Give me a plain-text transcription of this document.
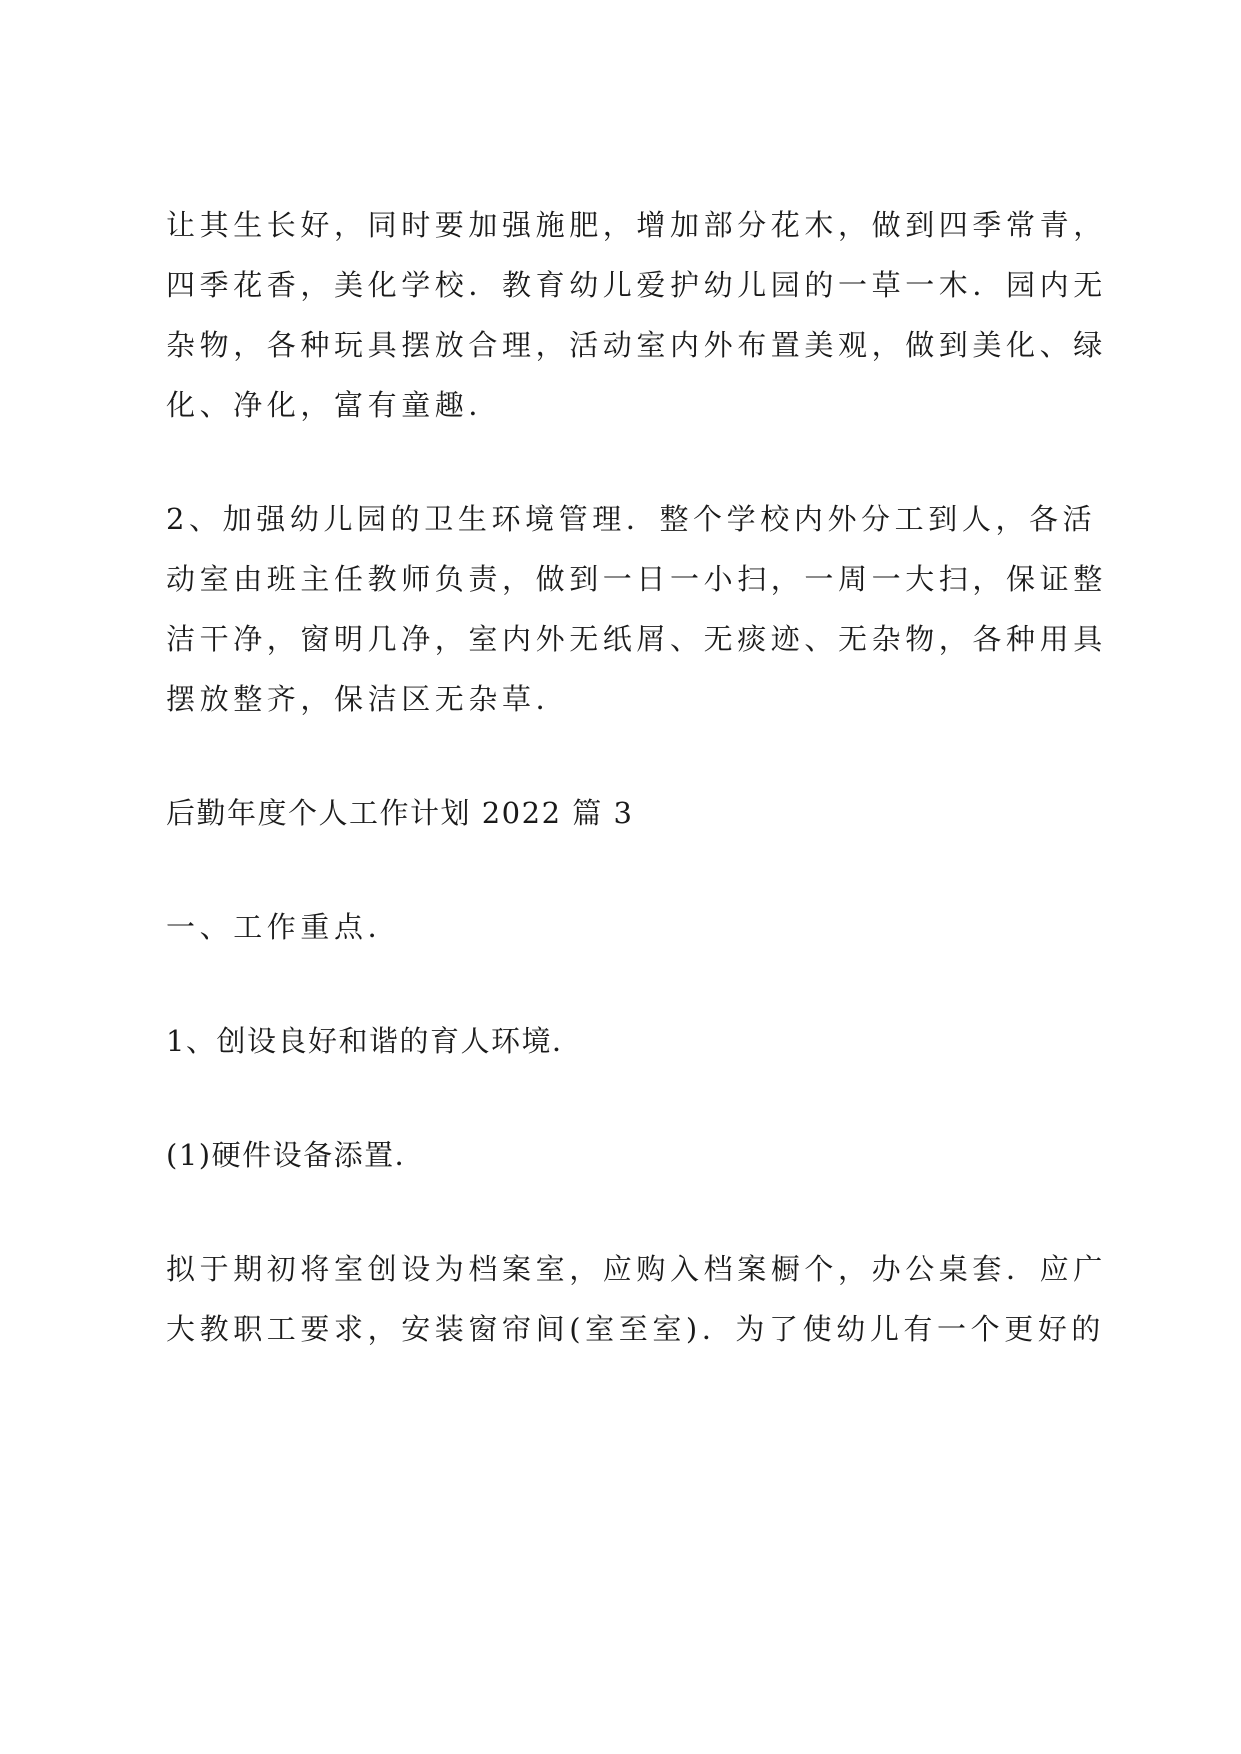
让其生长好，同时要加强施肥，增加部分花木，做到四季常青，
四季花香，美化学校．教育幼儿爱护幼儿园的一草一木．园内无
杂物，各种玩具摆放合理，活动室内外布置美观，做到美化、绿
化、净化，富有童趣．
2、加强幼儿园的卫生环境管理．整个学校内外分工到人，各活
动室由班主任教师负责，做到一日一小扫，一周一大扫，保证整
洁干净，窗明几净，室内外无纸屑、无痰迹、无杂物，各种用具
摆放整齐，保洁区无杂草．
后勤年度个人工作计划 2022 篇 3
一、工作重点．
1、创设良好和谐的育人环境．
(1)硬件设备添置．
拟于期初将室创设为档案室，应购入档案橱个，办公桌套．应广
大教职工要求，安装窗帘间(室至室)．为了使幼儿有一个更好的
